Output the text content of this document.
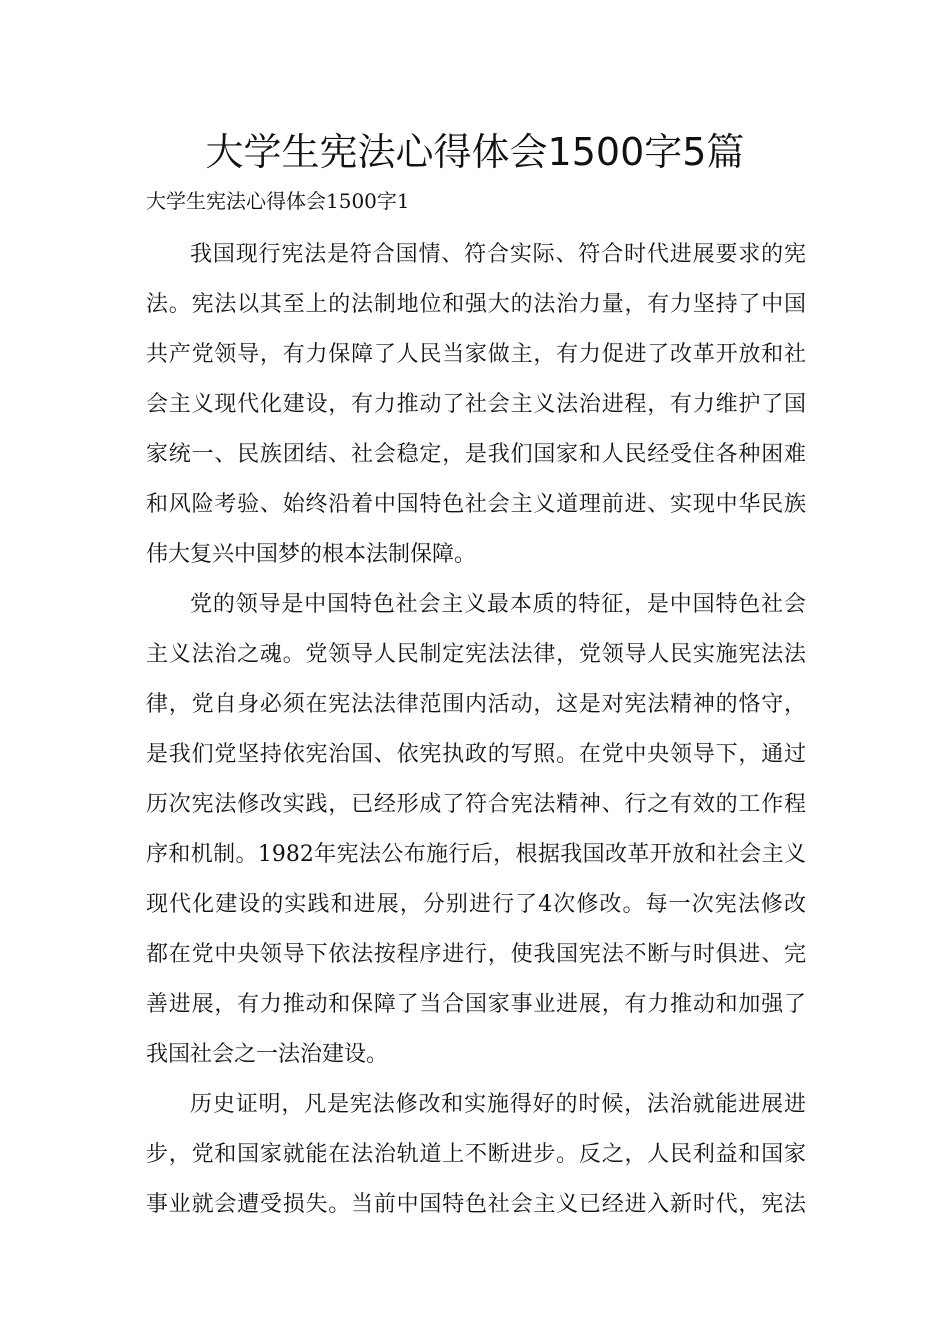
大学生宪法心得体会1500字5篇
大学生宪法心得体会1500字1

我国现行宪法是符合国情、符合实际、符合时代进展要求的宪
法。宪法以其至上的法制地位和强大的法治力量，有力坚持了中国
共产党领导，有力保障了人民当家做主，有力促进了改革开放和社
会主义现代化建设，有力推动了社会主义法治进程，有力维护了国
家统一、民族团结、社会稳定，是我们国家和人民经受住各种困难
和风险考验、始终沿着中国特色社会主义道理前进、实现中华民族
伟大复兴中国梦的根本法制保障。

党的领导是中国特色社会主义最本质的特征，是中国特色社会
主义法治之魂。党领导人民制定宪法法律，党领导人民实施宪法法
律，党自身必须在宪法法律范围内活动，这是对宪法精神的恪守，
是我们党坚持依宪治国、依宪执政的写照。在党中央领导下，通过
历次宪法修改实践，已经形成了符合宪法精神、行之有效的工作程
序和机制。1982年宪法公布施行后，根据我国改革开放和社会主义
现代化建设的实践和进展，分别进行了4次修改。每一次宪法修改
都在党中央领导下依法按程序进行，使我国宪法不断与时俱进、完
善进展，有力推动和保障了当合国家事业进展，有力推动和加强了
我国社会之一法治建设。

历史证明，凡是宪法修改和实施得好的时候，法治就能进展进
步，党和国家就能在法治轨道上不断进步。反之，人民利益和国家
事业就会遭受损失。当前中国特色社会主义已经进入新时代，宪法
